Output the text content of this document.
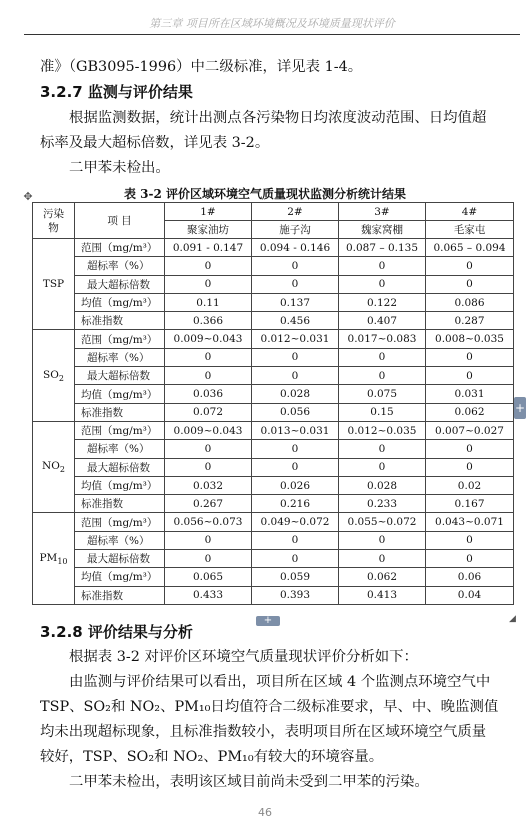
第三章 项目所在区域环境概况及环境质量现状评价
准》（GB3095-1996）中二级标准，详见表 1-4。
3.2.7 监测与评价结果
根据监测数据，统计出测点各污染物日均浓度波动范围、日均值超
标率及最大超标倍数，详见表 3-2。
二甲苯未检出。
✥	表 3-2 评价区域环境空气质量现状监测分析统计结果
污染
物	项 目	1#	2#	3#	4#
		聚家油坊	施子沟	魏家窝棚	毛家屯
TSP	范围（mg/m³）	0.091 - 0.147	0.094 - 0.146	0.087 – 0.135	0.065 – 0.094
	超标率（%）	0	0	0	0
	最大超标倍数	0	0	0	0
	均值（mg/m³）	0.11	0.137	0.122	0.086
	标准指数	0.366	0.456	0.407	0.287
$SO_2$	范围（mg/m³）	0.009~0.043	0.012~0.031	0.017~0.083	0.008~0.035
	超标率（%）	0	0	0	0
	最大超标倍数	0	0	0	0
	均值（mg/m³）	0.036	0.028	0.075	0.031
	标准指数	0.072	0.056	0.15	0.062
$NO_2$	范围（mg/m³）	0.009~0.043	0.013~0.031	0.012~0.035	0.007~0.027
	超标率（%）	0	0	0	0
	最大超标倍数	0	0	0	0
	均值（mg/m³）	0.032	0.026	0.028	0.02
	标准指数	0.267	0.216	0.233	0.167
$PM_{10}$	范围（mg/m³）	0.056~0.073	0.049~0.072	0.055~0.072	0.043~0.071
	超标率（%）	0	0	0	0
	最大超标倍数	0	0	0	0
	均值（mg/m³）	0.065	0.059	0.062	0.06
	标准指数	0.433	0.393	0.413	0.04
+
+	◢
3.2.8 评价结果与分析
根据表 3-2 对评价区环境空气质量现状评价分析如下：
由监测与评价结果可以看出，项目所在区域 4 个监测点环境空气中
TSP、SO₂和 NO₂、PM₁₀日均值符合二级标准要求，早、中、晚监测值
均未出现超标现象，且标准指数较小，表明项目所在区域环境空气质量
较好，TSP、SO₂和 NO₂、PM₁₀有较大的环境容量。
二甲苯未检出，表明该区域目前尚未受到二甲苯的污染。
46
